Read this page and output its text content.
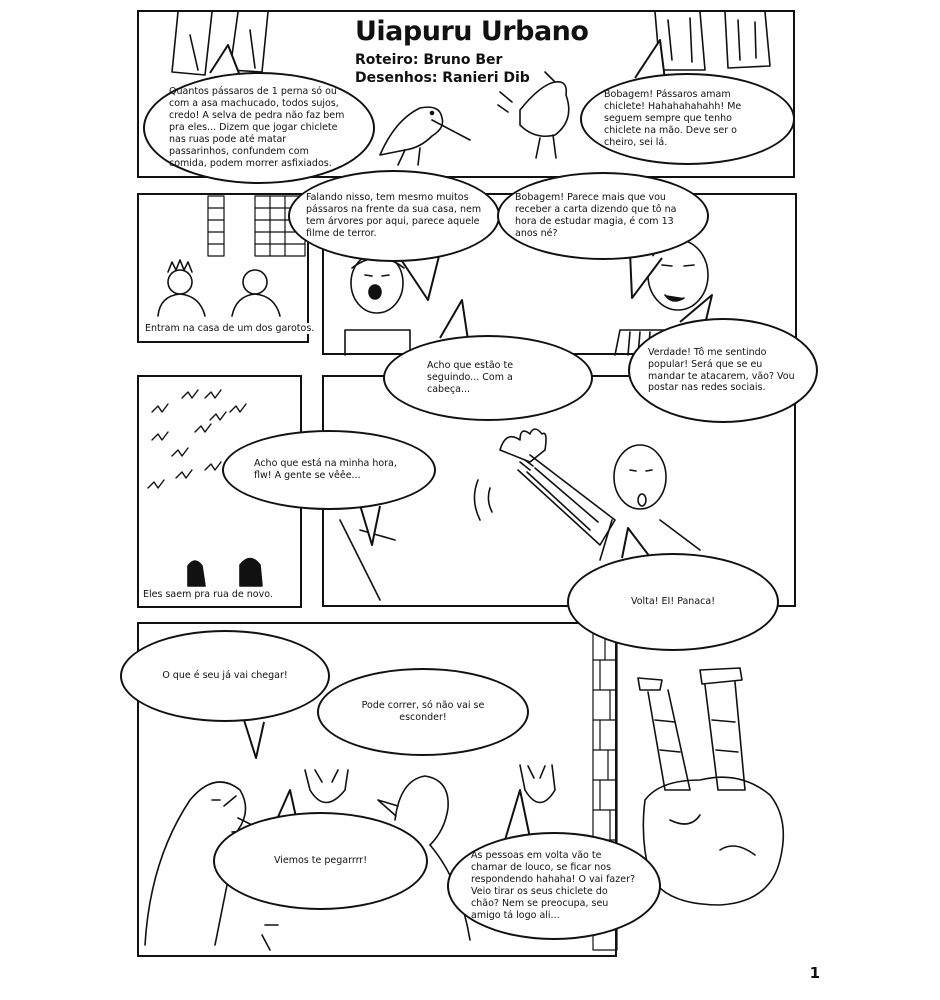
Uiapuru Urbano
Roteiro: Bruno Ber
Desenhos: Ranieri Dib
Quantos pássaros de 1 perna só ou com a asa machucado, todos sujos, credo! A selva de pedra não faz bem pra eles... Dizem que jogar chiclete nas ruas pode até matar passarinhos, confundem com comida, podem morrer asfixiados.
Bobagem! Pássaros amam chiclete! Hahahahahahh! Me seguem sempre que tenho chiclete na mão. Deve ser o cheiro, sei lá.
Entram na casa de um dos garotos.
Falando nisso, tem mesmo muitos pássaros na frente da sua casa, nem tem árvores por aqui, parece aquele filme de terror.
Bobagem! Parece mais que vou receber a carta dizendo que tô na hora de estudar magia, é com 13 anos né?
Acho que estão te seguindo... Com a cabeça...
Verdade! Tô me sentindo popular! Será que se eu mandar te atacarem, vão? Vou postar nas redes sociais.
Eles saem pra rua de novo.
Acho que está na minha hora, flw! A gente se vêêe...
Volta! EI! Panaca!
O que é seu já vai chegar!
Pode correr, só não vai se esconder!
Viemos te pegarrrr!	As pessoas em volta vão te chamar de louco, se ficar nos respondendo hahaha! O vai fazer? Veio tirar os seus chiclete do chão? Nem se preocupa, seu amigo tá logo ali...
1
